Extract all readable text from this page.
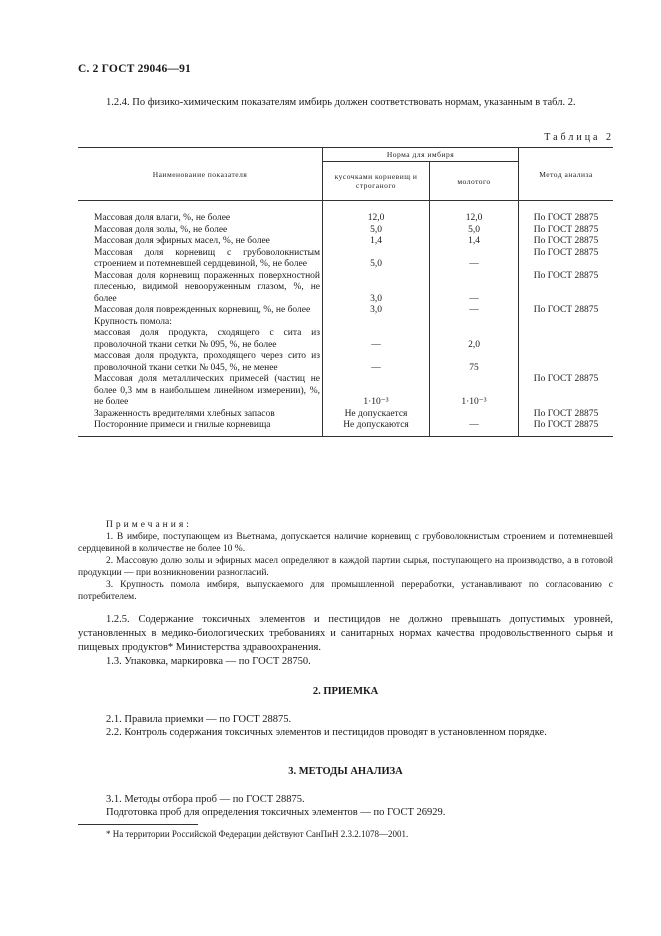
С. 2 ГОСТ 29046—91
1.2.4. По физико-химическим показателям имбирь должен соответствовать нормам, указанным в табл. 2.
Таблица 2
Наименование показателя	Норма для имбиря		Метод анализа
	кусочками корневищ и строганого	молотого	

Массовая доля влаги, %, не более	12,0	12,0	По ГОСТ 28875
Массовая доля золы, %, не более	5,0	5,0	По ГОСТ 28875
Массовая доля эфирных масел, %, не более	1,4	1,4	По ГОСТ 28875
Массовая доля корневищ с грубоволокнистым строением и потемневшей сердцевиной, %, не более	5,0	—	По ГОСТ 28875
Массовая доля корневищ пораженных поверхностной плесенью, видимой невооруженным глазом, %, не более	3,0	—	По ГОСТ 28875
Массовая доля поврежденных корневищ, %, не более	3,0	—	По ГОСТ 28875
Крупность помола:			
массовая доля продукта, сходящего с сита из проволочной ткани сетки № 095, %, не более	—	2,0	
массовая доля продукта, проходящего через сито из проволочной ткани сетки № 045, %, не менее	—	75	
Массовая доля металлических примесей (частиц не более 0,3 мм в наибольшем линейном измерении), %, не более	1·10⁻³	1·10⁻³	По ГОСТ 28875
Зараженность вредителями хлебных запасов	Не допускается		По ГОСТ 28875
Посторонние примеси и гнилые корневища	Не допускаются	—	По ГОСТ 28875
Примечания:
1. В имбире, поступающем из Вьетнама, допускается наличие корневищ с грубоволокнистым строением и потемневшей сердцевиной в количестве не более 10 %.
2. Массовую долю золы и эфирных масел определяют в каждой партии сырья, поступающего на производство, а в готовой продукции — при возникновении разногласий.
3. Крупность помола имбиря, выпускаемого для промышленной переработки, устанавливают по согласованию с потребителем.
1.2.5. Содержание токсичных элементов и пестицидов не должно превышать допустимых уровней, установленных в медико-биологических требованиях и санитарных нормах качества продовольственного сырья и пищевых продуктов* Министерства здравоохранения.
1.3. Упаковка, маркировка — по ГОСТ 28750.
2. ПРИЕМКА
2.1. Правила приемки — по ГОСТ 28875.
2.2. Контроль содержания токсичных элементов и пестицидов проводят в установленном порядке.
3. МЕТОДЫ АНАЛИЗА
3.1. Методы отбора проб — по ГОСТ 28875.
Подготовка проб для определения токсичных элементов — по ГОСТ 26929.
* На территории Российской Федерации действуют СанПиН 2.3.2.1078—2001.
